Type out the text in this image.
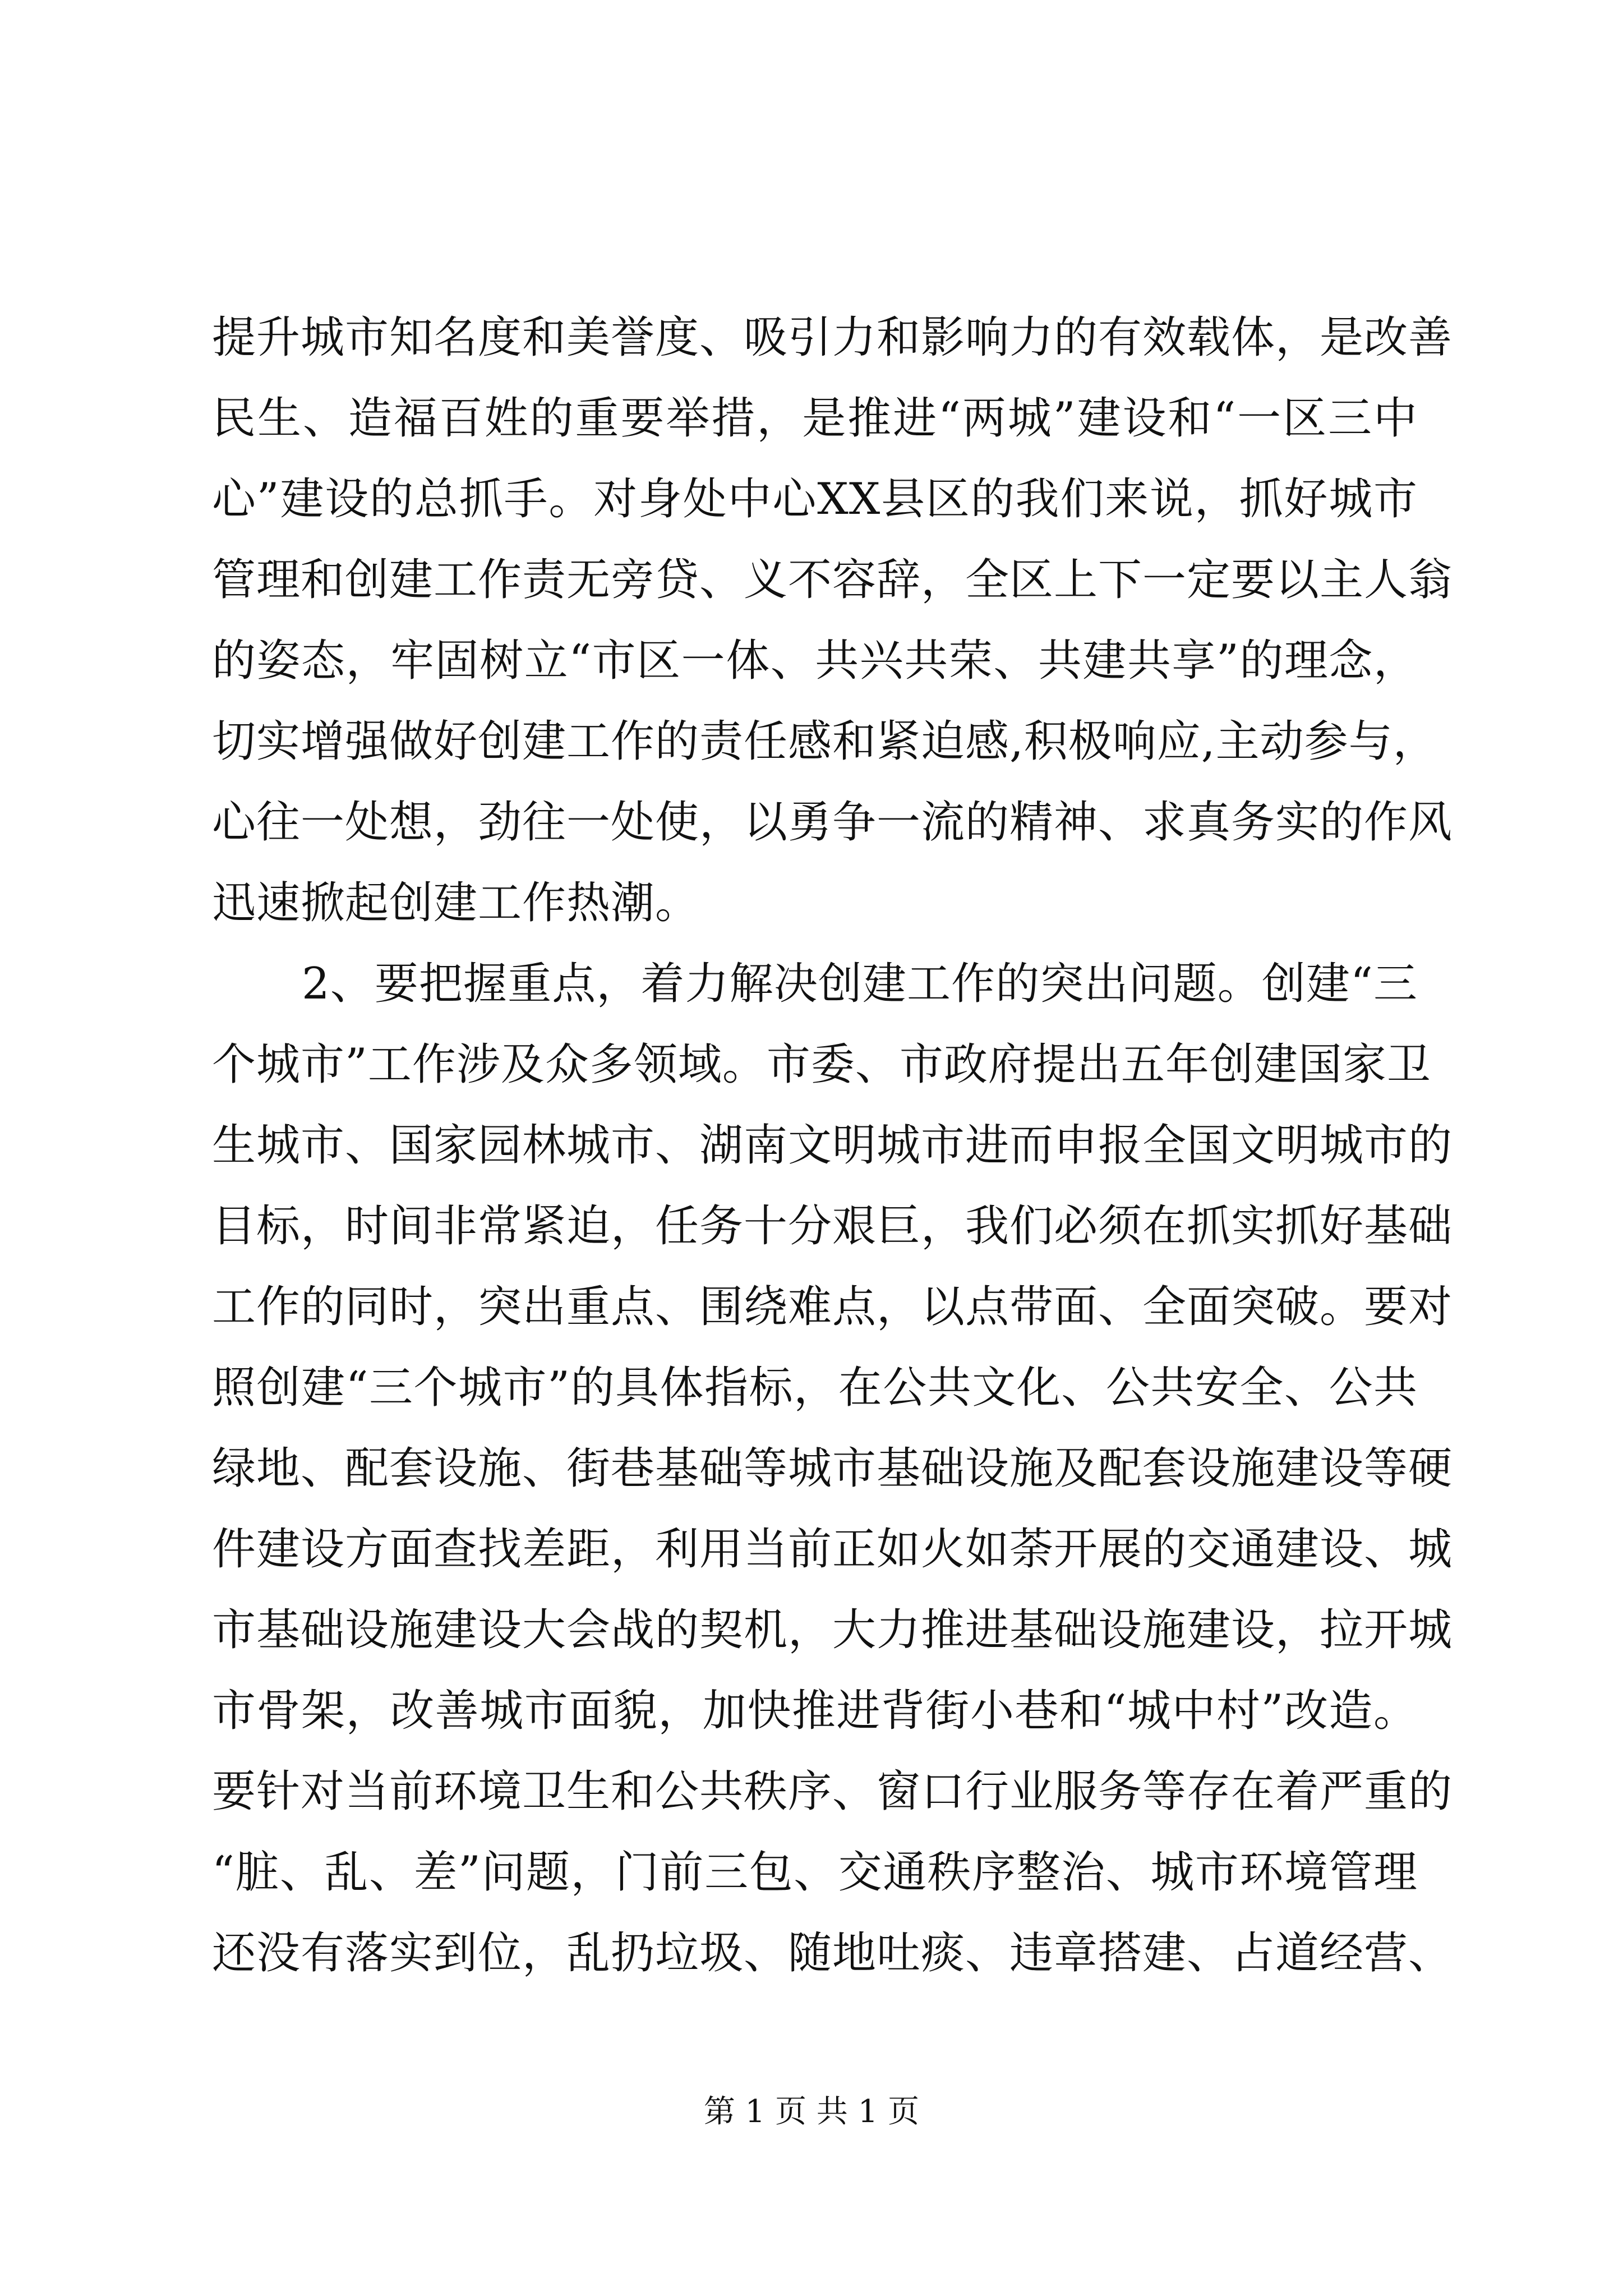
提升城市知名度和美誉度、吸引力和影响力的有效载体，是改善
民生、造福百姓的重要举措，是推进“两城”建设和“一区三中
心”建设的总抓手。对身处中心XX县区的我们来说，抓好城市
管理和创建工作责无旁贷、义不容辞，全区上下一定要以主人翁
的姿态，牢固树立“市区一体、共兴共荣、共建共享”的理念，
切实增强做好创建工作的责任感和紧迫感,积极响应,主动参与，
心往一处想，劲往一处使，以勇争一流的精神、求真务实的作风
迅速掀起创建工作热潮。
2、要把握重点，着力解决创建工作的突出问题。创建“三
个城市”工作涉及众多领域。市委、市政府提出五年创建国家卫
生城市、国家园林城市、湖南文明城市进而申报全国文明城市的
目标，时间非常紧迫，任务十分艰巨，我们必须在抓实抓好基础
工作的同时，突出重点、围绕难点，以点带面、全面突破。要对
照创建“三个城市”的具体指标，在公共文化、公共安全、公共
绿地、配套设施、街巷基础等城市基础设施及配套设施建设等硬
件建设方面查找差距，利用当前正如火如荼开展的交通建设、城
市基础设施建设大会战的契机，大力推进基础设施建设，拉开城
市骨架，改善城市面貌，加快推进背街小巷和“城中村”改造。
要针对当前环境卫生和公共秩序、窗口行业服务等存在着严重的
“脏、乱、差”问题，门前三包、交通秩序整治、城市环境管理
还没有落实到位，乱扔垃圾、随地吐痰、违章搭建、占道经营、
第 1 页 共 1 页
